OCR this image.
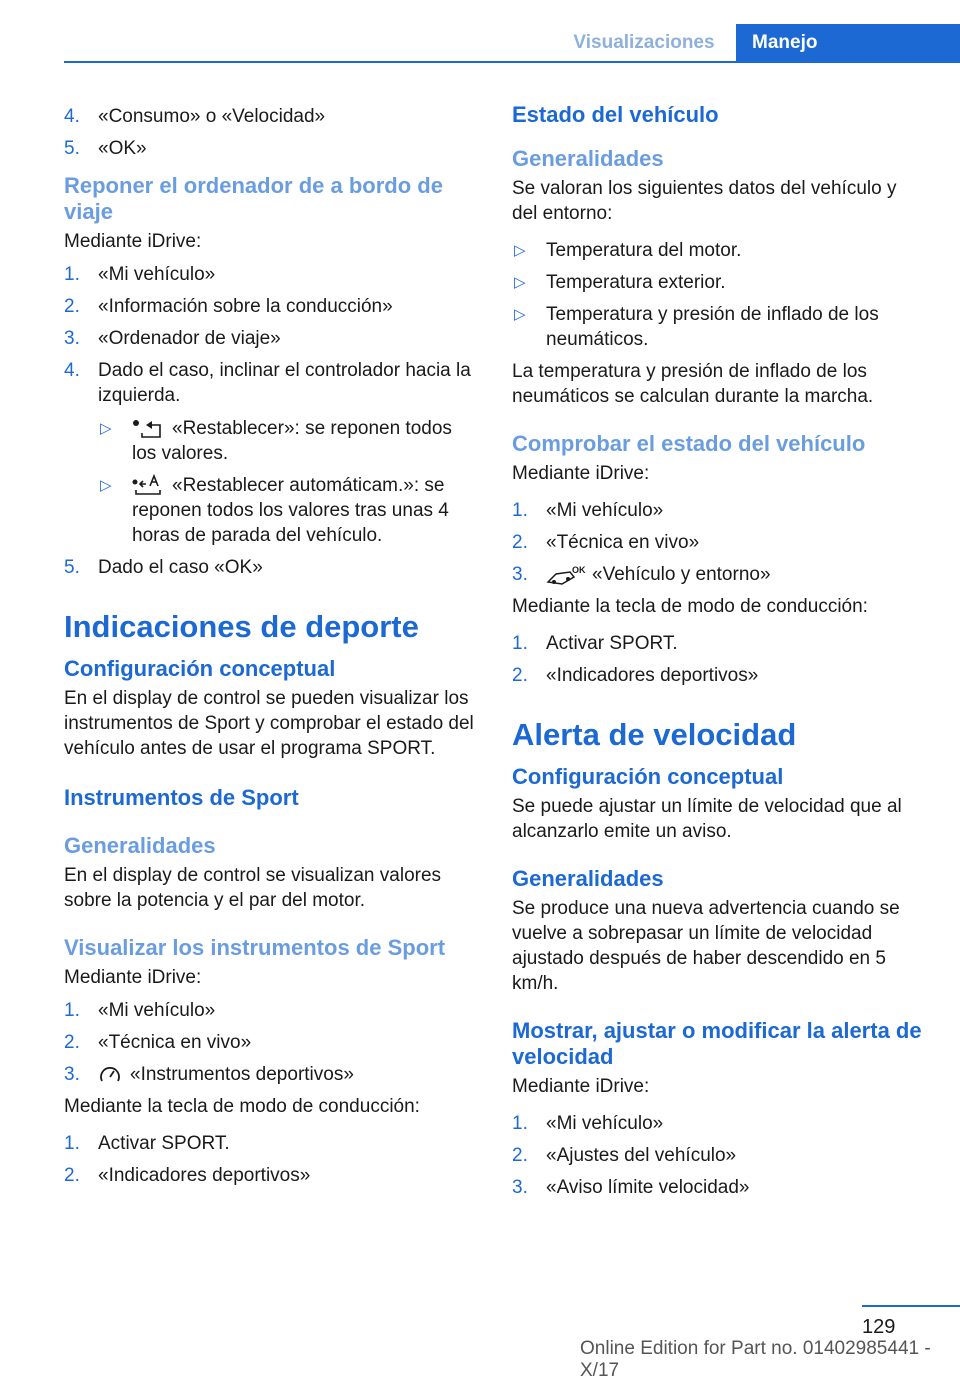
Visualizaciones	Manejo
4. «Consumo» o «Velocidad»
5. «OK»
Reponer el ordenador de a bordo de viaje

Mediante iDrive:

1. «Mi vehículo»
2. «Información sobre la conducción»
3. «Ordenador de viaje»
4. Dado el caso, inclinar el controlador hacia la izquierda.
▷	«Restablecer»: se reponen todos los valores.
▷	«Restablecer automáticam.»: se reponen todos los valores tras unas 4 horas de parada del vehículo.
5. Dado el caso «OK»
Indicaciones de deporte
Configuración conceptual

En el display de control se pueden visualizar los instrumentos de Sport y comprobar el estado del vehículo antes de usar el programa SPORT.

Instrumentos de Sport
Generalidades

En el display de control se visualizan valores sobre la potencia y el par del motor.

Visualizar los instrumentos de Sport

Mediante iDrive:

1. «Mi vehículo»
2. «Técnica en vivo»
3.	«Instrumentos deportivos»

Mediante la tecla de modo de conducción:

1. Activar SPORT.
2. «Indicadores deportivos»
Estado del vehículo
Generalidades

Se valoran los siguientes datos del vehículo y del entorno:

▷ Temperatura del motor.
▷ Temperatura exterior.
▷ Temperatura y presión de inflado de los neumáticos.

La temperatura y presión de inflado de los neumáticos se calculan durante la marcha.

Comprobar el estado del vehículo

Mediante iDrive:

1. «Mi vehículo»
2. «Técnica en vivo»
3.	OK «Vehículo y entorno»

Mediante la tecla de modo de conducción:

1. Activar SPORT.
2. «Indicadores deportivos»
Alerta de velocidad
Configuración conceptual

Se puede ajustar un límite de velocidad que al alcanzarlo emite un aviso.

Generalidades

Se produce una nueva advertencia cuando se vuelve a sobrepasar un límite de velocidad ajustado después de haber descendido en 5 km/h.

Mostrar, ajustar o modificar la alerta de velocidad

Mediante iDrive:

1. «Mi vehículo»
2. «Ajustes del vehículo»
3. «Aviso límite velocidad»
129
Online Edition for Part no. 01402985441 - X/17
